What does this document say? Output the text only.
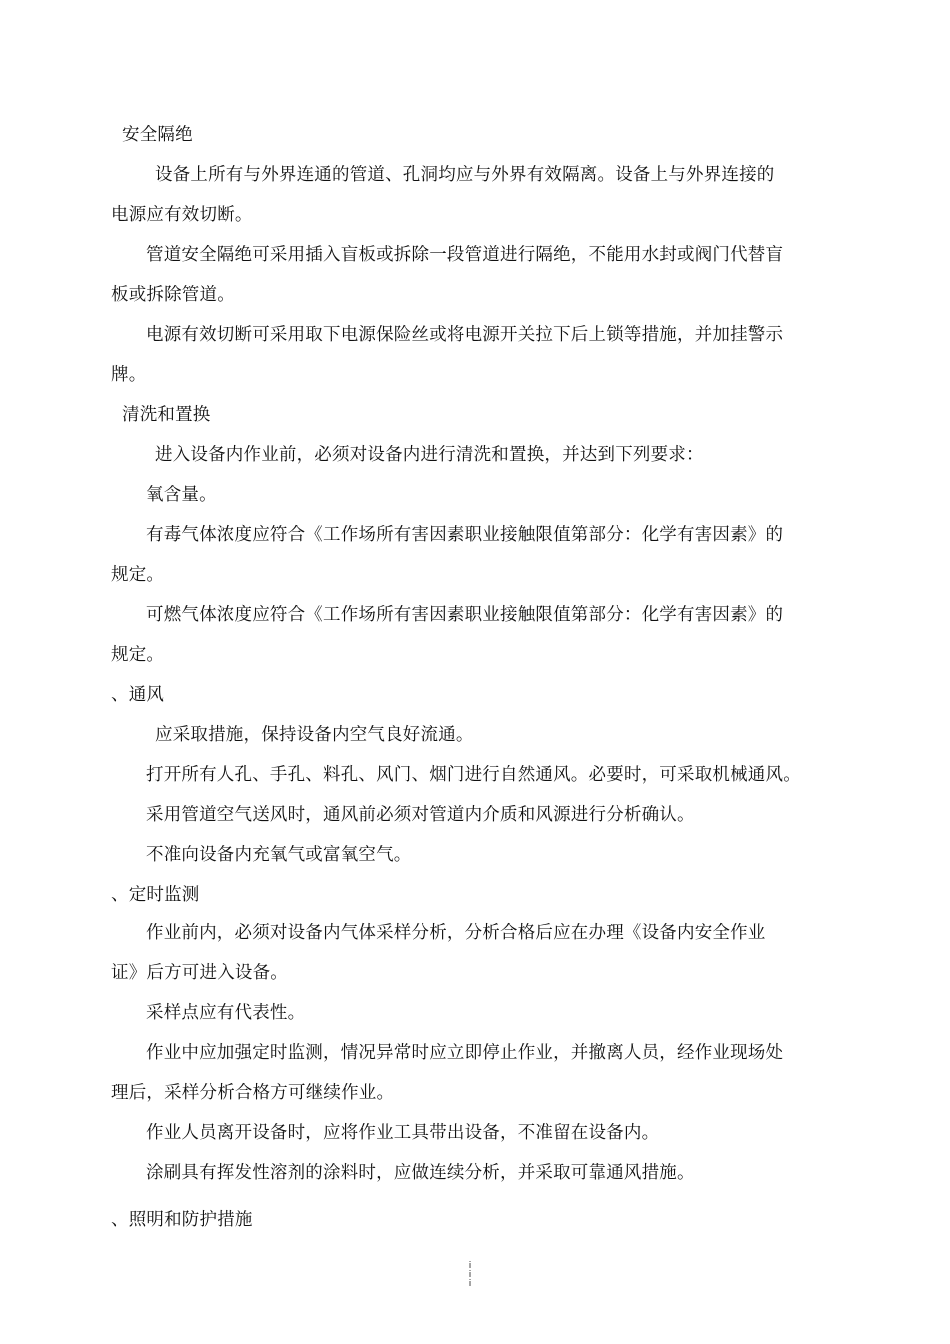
安全隔绝

设备上所有与外界连通的管道、孔洞均应与外界有效隔离。设备上与外界连接的

电源应有效切断。

管道安全隔绝可采用插入盲板或拆除一段管道进行隔绝，不能用水封或阀门代替盲

板或拆除管道。

电源有效切断可采用取下电源保险丝或将电源开关拉下后上锁等措施，并加挂警示

牌。

清洗和置换

进入设备内作业前，必须对设备内进行清洗和置换，并达到下列要求：

氧含量。

有毒气体浓度应符合《工作场所有害因素职业接触限值第部分：化学有害因素》的

规定。

可燃气体浓度应符合《工作场所有害因素职业接触限值第部分：化学有害因素》的

规定。

、通风

应采取措施，保持设备内空气良好流通。

打开所有人孔、手孔、料孔、风门、烟门进行自然通风。必要时，可采取机械通风。

采用管道空气送风时，通风前必须对管道内介质和风源进行分析确认。

不准向设备内充氧气或富氧空气。

、定时监测

作业前内，必须对设备内气体采样分析，分析合格后应在办理《设备内安全作业

证》后方可进入设备。

采样点应有代表性。

作业中应加强定时监测，情况异常时应立即停止作业，并撤离人员，经作业现场处

理后，采样分析合格方可继续作业。

作业人员离开设备时，应将作业工具带出设备，不准留在设备内。

涂刷具有挥发性溶剂的涂料时，应做连续分析，并采取可靠通风措施。

、照明和防护措施

i
i
i
